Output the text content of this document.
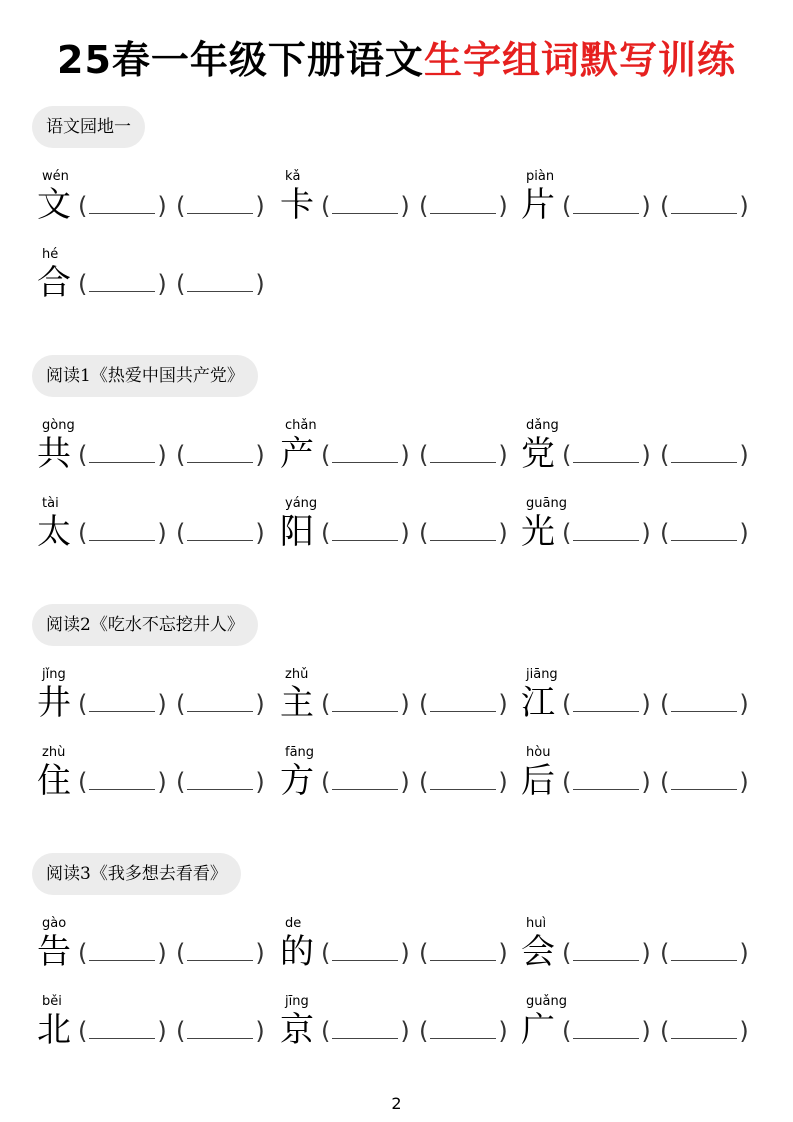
25春一年级下册语文生字组词默写训练
语文园地一
wén
文 (	) (	)
kǎ
卡 (	) (	)
piàn
片 (	) (	)
hé
合 (	) (	)
阅读1《热爱中国共产党》
gòng
共 (	) (	)
chǎn
产 (	) (	)
dǎng
党 (	) (	)
tài
太 (	) (	)
yáng
阳 (	) (	)
guāng
光 (	) (	)
阅读2《吃水不忘挖井人》
jǐng
井 (	) (	)
zhǔ
主 (	) (	)
jiāng
江 (	) (	)
zhù
住 (	) (	)
fāng
方 (	) (	)
hòu
后 (	) (	)
阅读3《我多想去看看》
gào
告 (	) (	)
de
的 (	) (	)
huì
会 (	) (	)
běi
北 (	) (	)
jīng
京 (	) (	)
guǎng
广 (	) (	)
2
